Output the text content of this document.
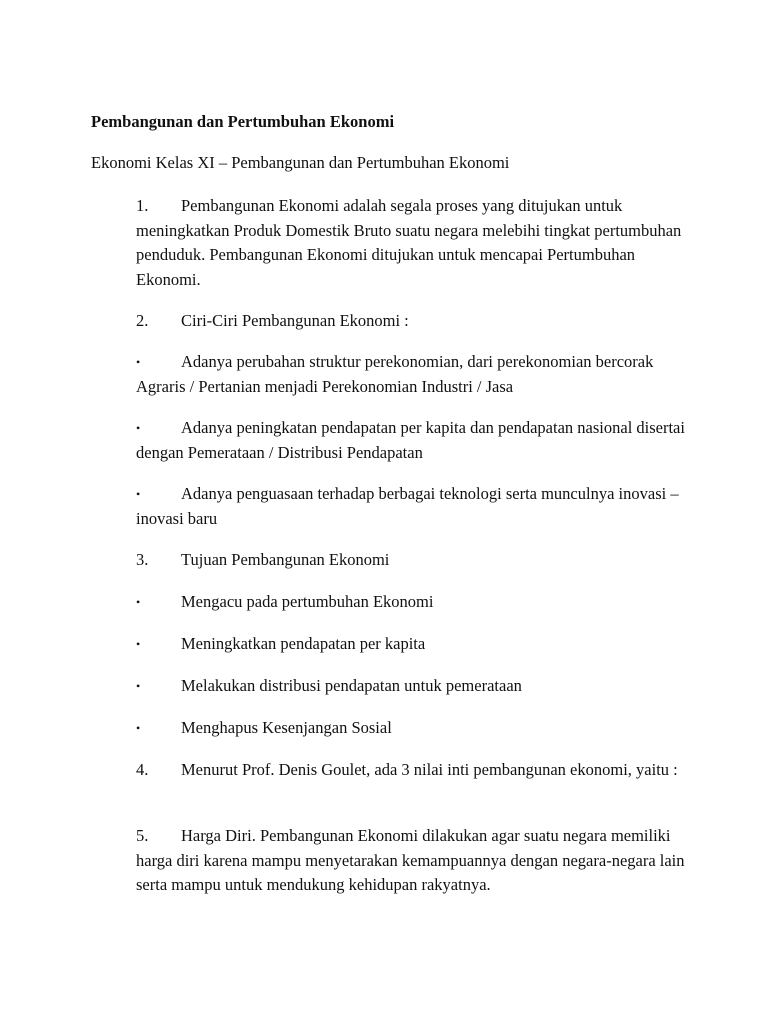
Pembangunan dan Pertumbuhan Ekonomi
Ekonomi Kelas XI – Pembangunan dan Pertumbuhan Ekonomi
1. Pembangunan Ekonomi adalah segala proses yang ditujukan untuk meningkatkan Produk Domestik Bruto suatu negara melebihi tingkat pertumbuhan penduduk. Pembangunan Ekonomi ditujukan untuk mencapai Pertumbuhan Ekonomi.
2. Ciri-Ciri Pembangunan Ekonomi :
• Adanya perubahan struktur perekonomian, dari perekonomian bercorak Agraris / Pertanian menjadi Perekonomian Industri / Jasa
• Adanya peningkatan pendapatan per kapita dan pendapatan nasional disertai dengan Pemerataan / Distribusi Pendapatan
• Adanya penguasaan terhadap berbagai teknologi serta munculnya inovasi – inovasi baru
3. Tujuan Pembangunan Ekonomi
• Mengacu pada pertumbuhan Ekonomi
• Meningkatkan pendapatan per kapita
• Melakukan distribusi pendapatan untuk pemerataan
• Menghapus Kesenjangan Sosial
4. Menurut Prof. Denis Goulet, ada 3 nilai inti pembangunan ekonomi, yaitu :
5. Harga Diri. Pembangunan Ekonomi dilakukan agar suatu negara memiliki harga diri karena mampu menyetarakan kemampuannya dengan negara-negara lain serta mampu untuk mendukung kehidupan rakyatnya.
